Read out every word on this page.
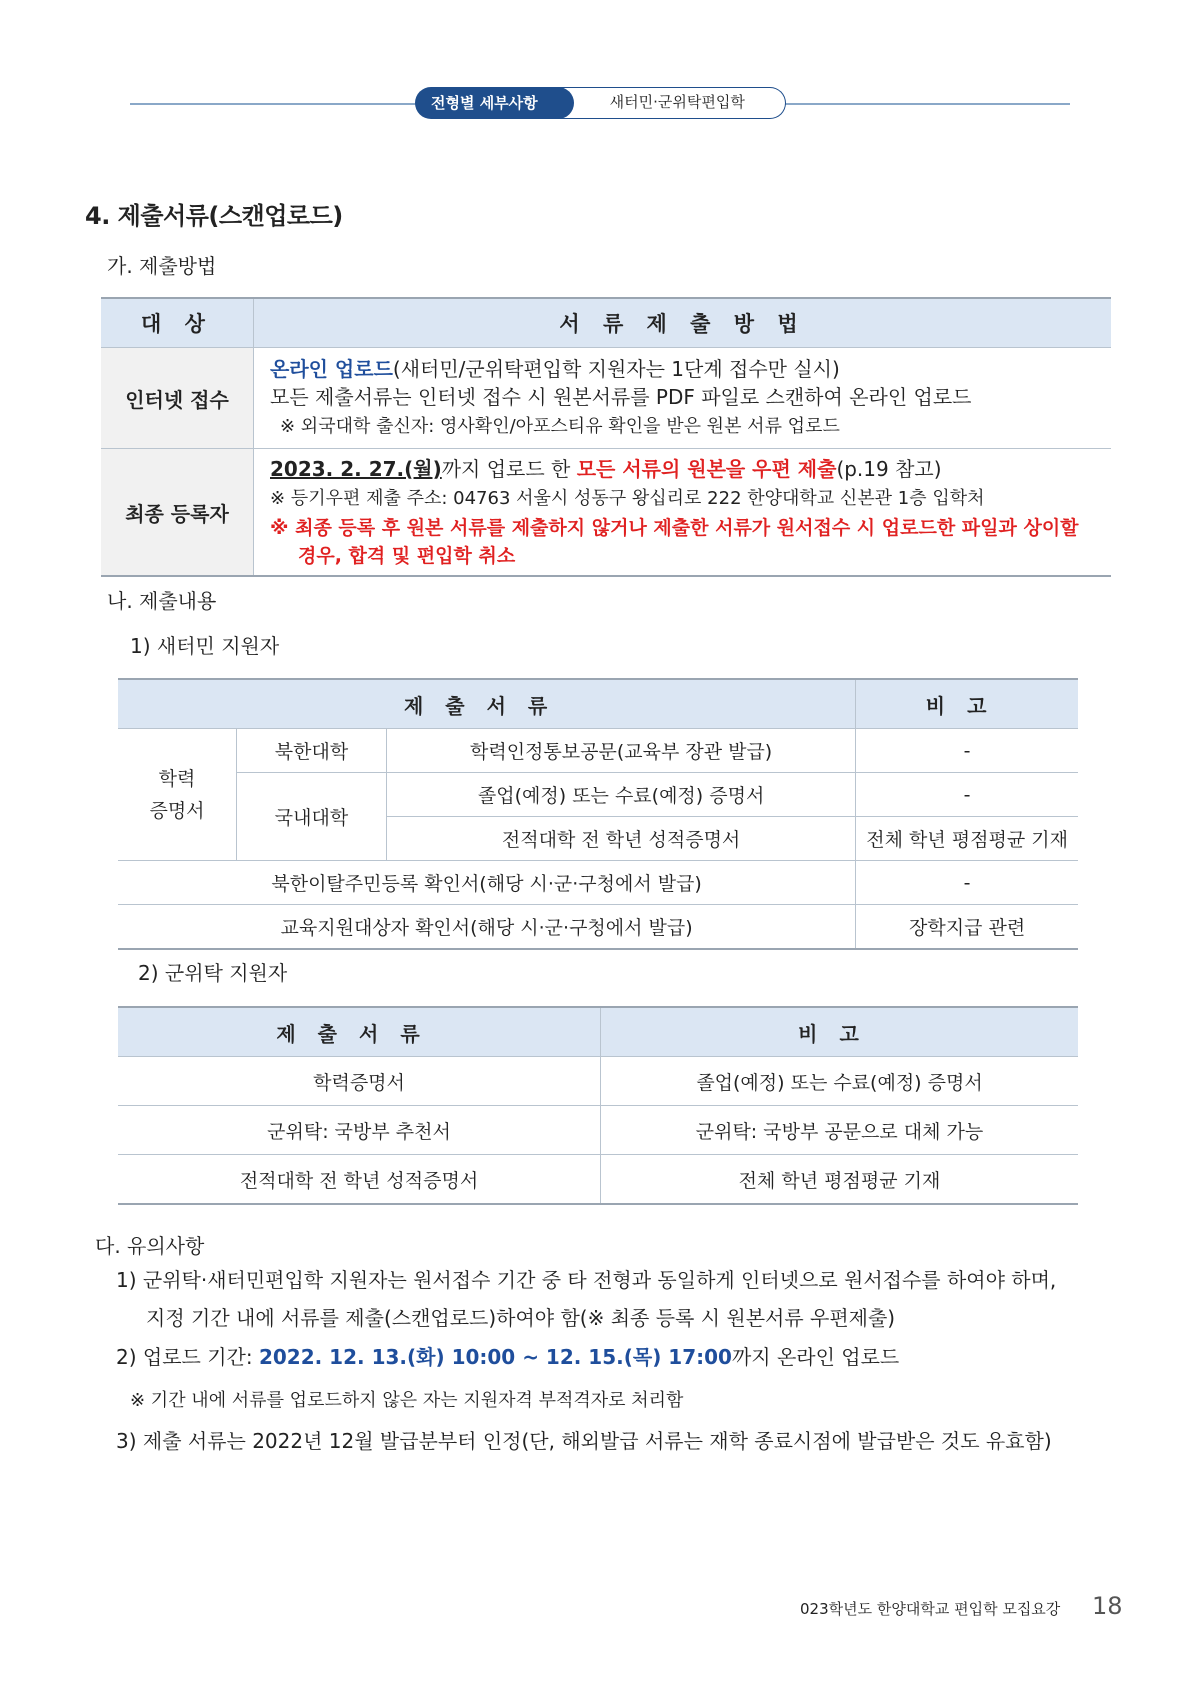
전형별 세부사항	새터민·군위탁편입학
4. 제출서류(스캔업로드)
가. 제출방법
대 상	서 류 제 출 방 법
인터넷 접수	온라인 업로드(새터민/군위탁편입학 지원자는 1단계 접수만 실시)
모든 제출서류는 인터넷 접수 시 원본서류를 PDF 파일로 스캔하여 온라인 업로드
※ 외국대학 출신자: 영사확인/아포스티유 확인을 받은 원본 서류 업로드
최종 등록자	2023. 2. 27.(월)까지 업로드 한 모든 서류의 원본을 우편 제출(p.19 참고)
※ 등기우편 제출 주소: 04763 서울시 성동구 왕십리로 222 한양대학교 신본관 1층 입학처
※ 최종 등록 후 원본 서류를 제출하지 않거나 제출한 서류가 원서접수 시 업로드한 파일과 상이할

경우, 합격 및 편입학 취소
나. 제출내용
1) 새터민 지원자
제출서류			비고
학력
증명서	북한대학	학력인정통보공문(교육부 장관 발급)	-
	국내대학	졸업(예정) 또는 수료(예정) 증명서	-
		전적대학 전 학년 성적증명서	전체 학년 평점평균 기재
북한이탈주민등록 확인서(해당 시·군·구청에서 발급)			-
교육지원대상자 확인서(해당 시·군·구청에서 발급)			장학지급 관련
2) 군위탁 지원자
제출서류	비고
학력증명서	졸업(예정) 또는 수료(예정) 증명서
군위탁: 국방부 추천서	군위탁: 국방부 공문으로 대체 가능
전적대학 전 학년 성적증명서	전체 학년 평점평균 기재
다. 유의사항
1) 군위탁·새터민편입학 지원자는 원서접수 기간 중 타 전형과 동일하게 인터넷으로 원서접수를 하여야 하며,
지정 기간 내에 서류를 제출(스캔업로드)하여야 함(※ 최종 등록 시 원본서류 우편제출)
2) 업로드 기간: 2022. 12. 13.(화) 10:00 ~ 12. 15.(목) 17:00까지 온라인 업로드
※ 기간 내에 서류를 업로드하지 않은 자는 지원자격 부적격자로 처리함
3) 제출 서류는 2022년 12월 발급분부터 인정(단, 해외발급 서류는 재학 종료시점에 발급받은 것도 유효함)
023학년도 한양대학교 편입학 모집요강 18
